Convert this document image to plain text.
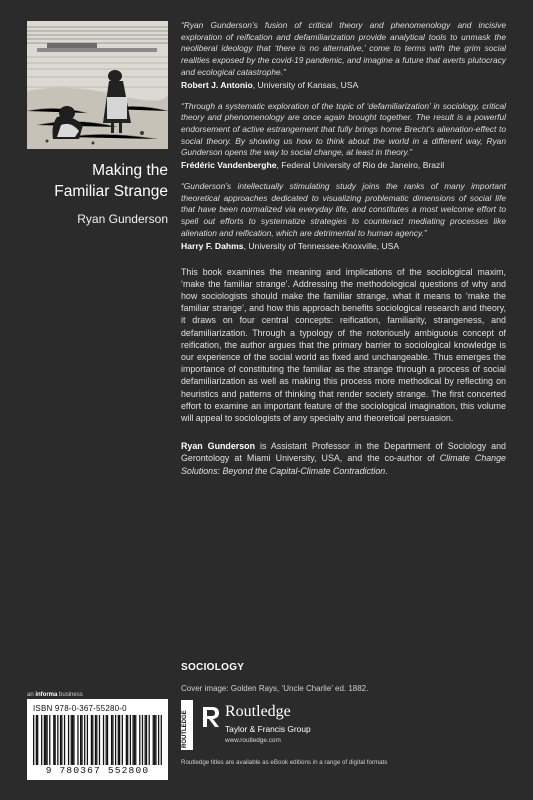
Making the
Familiar Strange
Ryan Gunderson

“Ryan Gunderson’s fusion of critical theory and phenomenology and incisive exploration of reification and defamiliarization provide analytical tools to unmask the neoliberal ideology that ‘there is no alternative,’ come to terms with the grim social realities exposed by the covid-19 pandemic, and imagine a future that averts plutocracy and ecological catastrophe.”

Robert J. Antonio, University of Kansas, USA

“Through a systematic exploration of the topic of ‘defamiliarization’ in sociology, critical theory and phenomenology are once again brought together. The result is a powerful endorsement of active estrangement that fully brings home Brecht’s alienation-effect to social theory. By showing us how to think about the world in a different way, Ryan Gunderson opens the way to social change, at least in theory.”

Frédéric Vandenberghe, Federal University of Rio de Janeiro, Brazil

“Gunderson’s intellectually stimulating study joins the ranks of many important theoretical approaches dedicated to visualizing problematic dimensions of social life that have been normalized via everyday life, and constitutes a most welcome effort to spell out efforts to systematize strategies to counteract mediating processes like alienation and reification, which are detrimental to human agency.”

Harry F. Dahms, University of Tennessee-Knoxville, USA

This book examines the meaning and implications of the sociological maxim, ‘make the familiar strange’. Addressing the methodological questions of why and how sociologists should make the familiar strange, what it means to ‘make the familiar strange’, and how this approach benefits sociological research and theory, it draws on four central concepts: reification, familiarity, strangeness, and defamiliarization. Through a typology of the notoriously ambiguous concept of reification, the author argues that the primary barrier to sociological knowledge is our experience of the social world as fixed and unchangeable. Thus emerges the importance of constituting the familiar as the strange through a process of social defamiliarization as well as making this process more methodical by reflecting on heuristics and patterns of thinking that render society strange. The first concerted effort to examine an important feature of the sociological imagination, this volume will appeal to sociologists of any specialty and theoretical persuasion.

Ryan Gunderson is Assistant Professor in the Department of Sociology and Gerontology at Miami University, USA, and the co-author of Climate Change Solutions: Beyond the Capital-Climate Contradiction.

SOCIOLOGY
Cover image: Golden Rays, ‘Uncle Charlie’ ed. 1882.
an informa business
ISBN 978-0-367-55280-0
9 780367 552800
ROUTLEDGE Routledge
Taylor & Francis Group
www.routledge.com
Routledge titles are available as eBook editions in a range of digital formats
